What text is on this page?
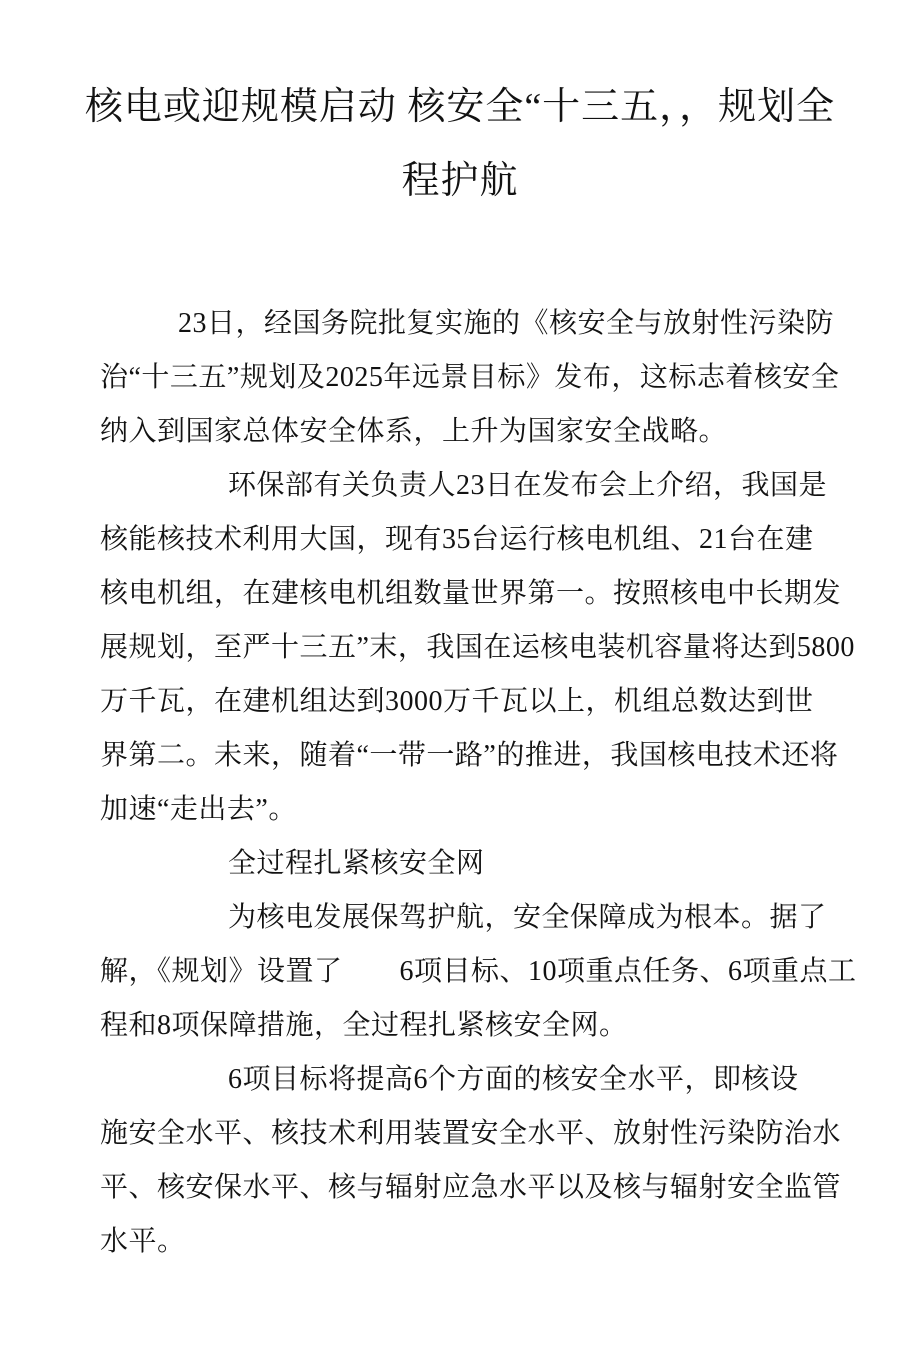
核电或迎规模启动 核安全“十三五，，规划全
程护航
23日，经国务院批复实施的《核安全与放射性污染防
治“十三五”规划及2025年远景目标》发布，这标志着核安全
纳入到国家总体安全体系，上升为国家安全战略。
环保部有关负责人23日在发布会上介绍，我国是
核能核技术利用大国，现有35台运行核电机组、21台在建
核电机组，在建核电机组数量世界第一。按照核电中长期发
展规划，至严十三五”末，我国在运核电装机容量将达到5800
万千瓦，在建机组达到3000万千瓦以上，机组总数达到世
界第二。未来，随着“一带一路”的推进，我国核电技术还将
加速“走出去”。
全过程扎紧核安全网
为核电发展保驾护航，安全保障成为根本。据了
解，《规划》设置了　　6项目标、10项重点任务、6项重点工
程和8项保障措施，全过程扎紧核安全网。
6项目标将提高6个方面的核安全水平，即核设
施安全水平、核技术利用装置安全水平、放射性污染防治水
平、核安保水平、核与辐射应急水平以及核与辐射安全监管
水平。
